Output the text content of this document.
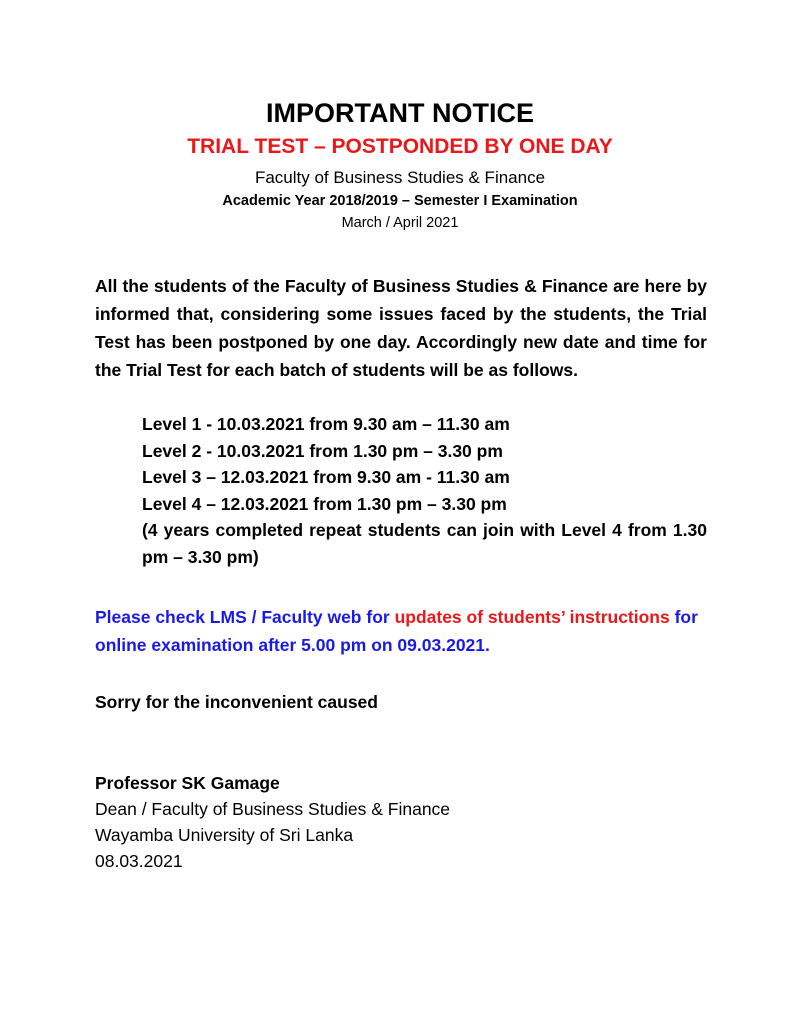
IMPORTANT NOTICE
TRIAL TEST – POSTPONDED BY ONE DAY
Faculty of Business Studies & Finance
Academic Year 2018/2019 – Semester I Examination
March / April 2021

All the students of the Faculty of Business Studies & Finance are here by informed that, considering some issues faced by the students, the Trial Test has been postponed by one day. Accordingly new date and time for the Trial Test for each batch of students will be as follows.

Level 1 - 10.03.2021 from 9.30 am – 11.30 am
Level 2 - 10.03.2021 from 1.30 pm – 3.30 pm
Level 3 – 12.03.2021 from 9.30 am - 11.30 am
Level 4 – 12.03.2021 from 1.30 pm – 3.30 pm
(4 years completed repeat students can join with Level 4 from 1.30 pm – 3.30 pm)

Please check LMS / Faculty web for updates of students’ instructions for online examination after 5.00 pm on 09.03.2021.

Sorry for the inconvenient caused

Professor SK Gamage
Dean / Faculty of Business Studies & Finance
Wayamba University of Sri Lanka
08.03.2021
